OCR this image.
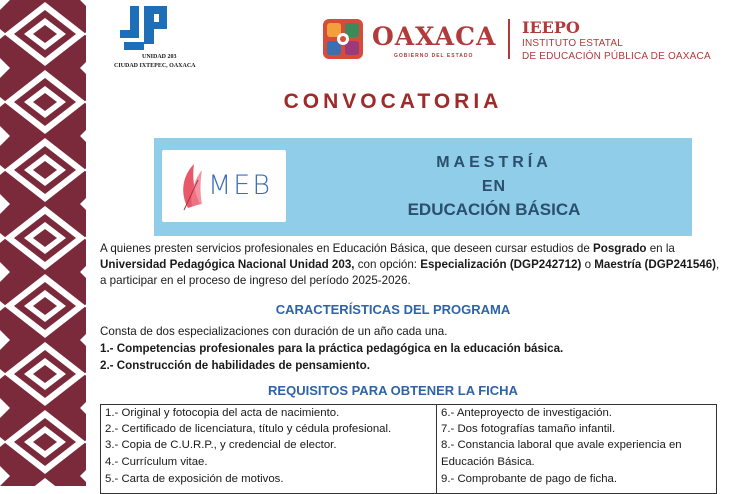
UNIDAD 203
CIUDAD IXTEPEC, OAXACA
OAXACA
GOBIERNO DEL ESTADO
IEEPO
INSTITUTO ESTATAL
DE EDUCACIÓN PÚBLICA DE OAXACA
CONVOCATORIA
MEB
MAESTRÍA
EN
EDUCACIÓN BÁSICA

A quienes presten servicios profesionales en Educación Básica, que deseen cursar estudios de Posgrado en la Universidad Pedagógica Nacional Unidad 203, con opción: Especialización (DGP242712) o Maestría (DGP241546), a participar en el proceso de ingreso del período 2025-2026.

CARACTERÍSTICAS DEL PROGRAMA

Consta de dos especializaciones con duración de un año cada una.

1.- Competencias profesionales para la práctica pedagógica en la educación básica.

2.- Construcción de habilidades de pensamiento.

REQUISITOS PARA OBTENER LA FICHA
1.- Original y fotocopia del acta de nacimiento.
2.- Certificado de licenciatura, título y cédula profesional.
3.- Copia de C.U.R.P., y credencial de elector.
4.- Currículum vitae.
5.- Carta de exposición de motivos.
6.- Anteproyecto de investigación.
7.- Dos fotografías tamaño infantil.
8.- Constancia laboral que avale experiencia en
Educación Básica.
9.- Comprobante de pago de ficha.
